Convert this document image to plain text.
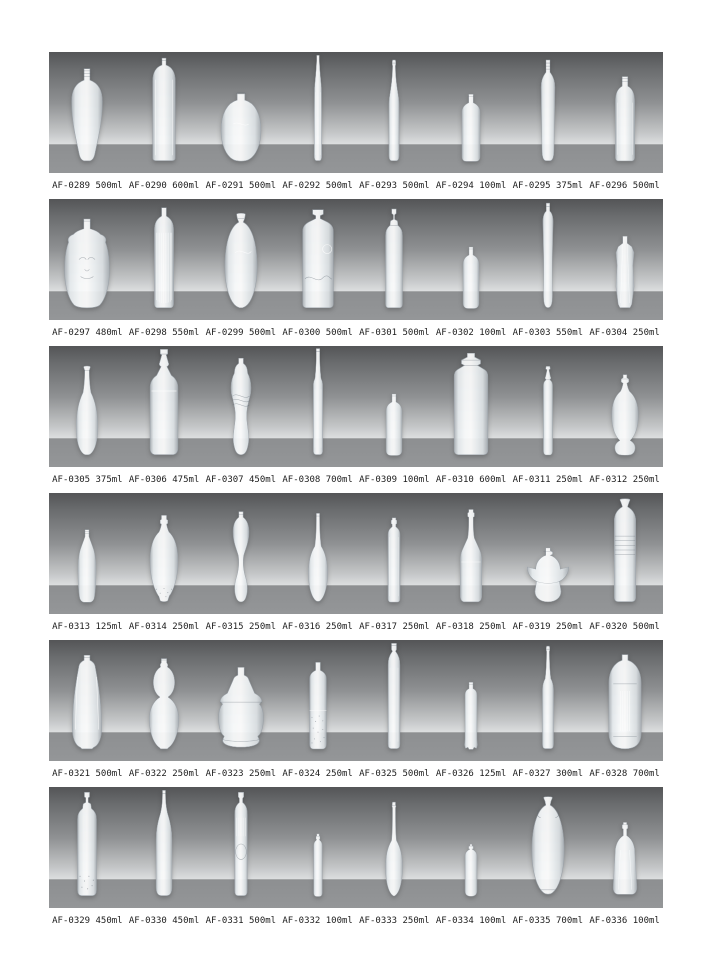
AF-0289 500ml AF-0290 600ml AF-0291 500ml AF-0292 500ml AF-0293 500ml AF-0294 100ml AF-0295 375ml AF-0296 500ml
AF-0297 480ml AF-0298 550ml AF-0299 500ml AF-0300 500ml AF-0301 500ml AF-0302 100ml AF-0303 550ml AF-0304 250ml
AF-0305 375ml AF-0306 475ml AF-0307 450ml AF-0308 700ml AF-0309 100ml AF-0310 600ml AF-0311 250ml AF-0312 250ml
AF-0313 125ml AF-0314 250ml AF-0315 250ml AF-0316 250ml AF-0317 250ml AF-0318 250ml AF-0319 250ml AF-0320 500ml
AF-0321 500ml AF-0322 250ml AF-0323 250ml AF-0324 250ml AF-0325 500ml AF-0326 125ml AF-0327 300ml AF-0328 700ml
AF-0329 450ml AF-0330 450ml AF-0331 500ml AF-0332 100ml AF-0333 250ml AF-0334 100ml AF-0335 700ml AF-0336 100ml
